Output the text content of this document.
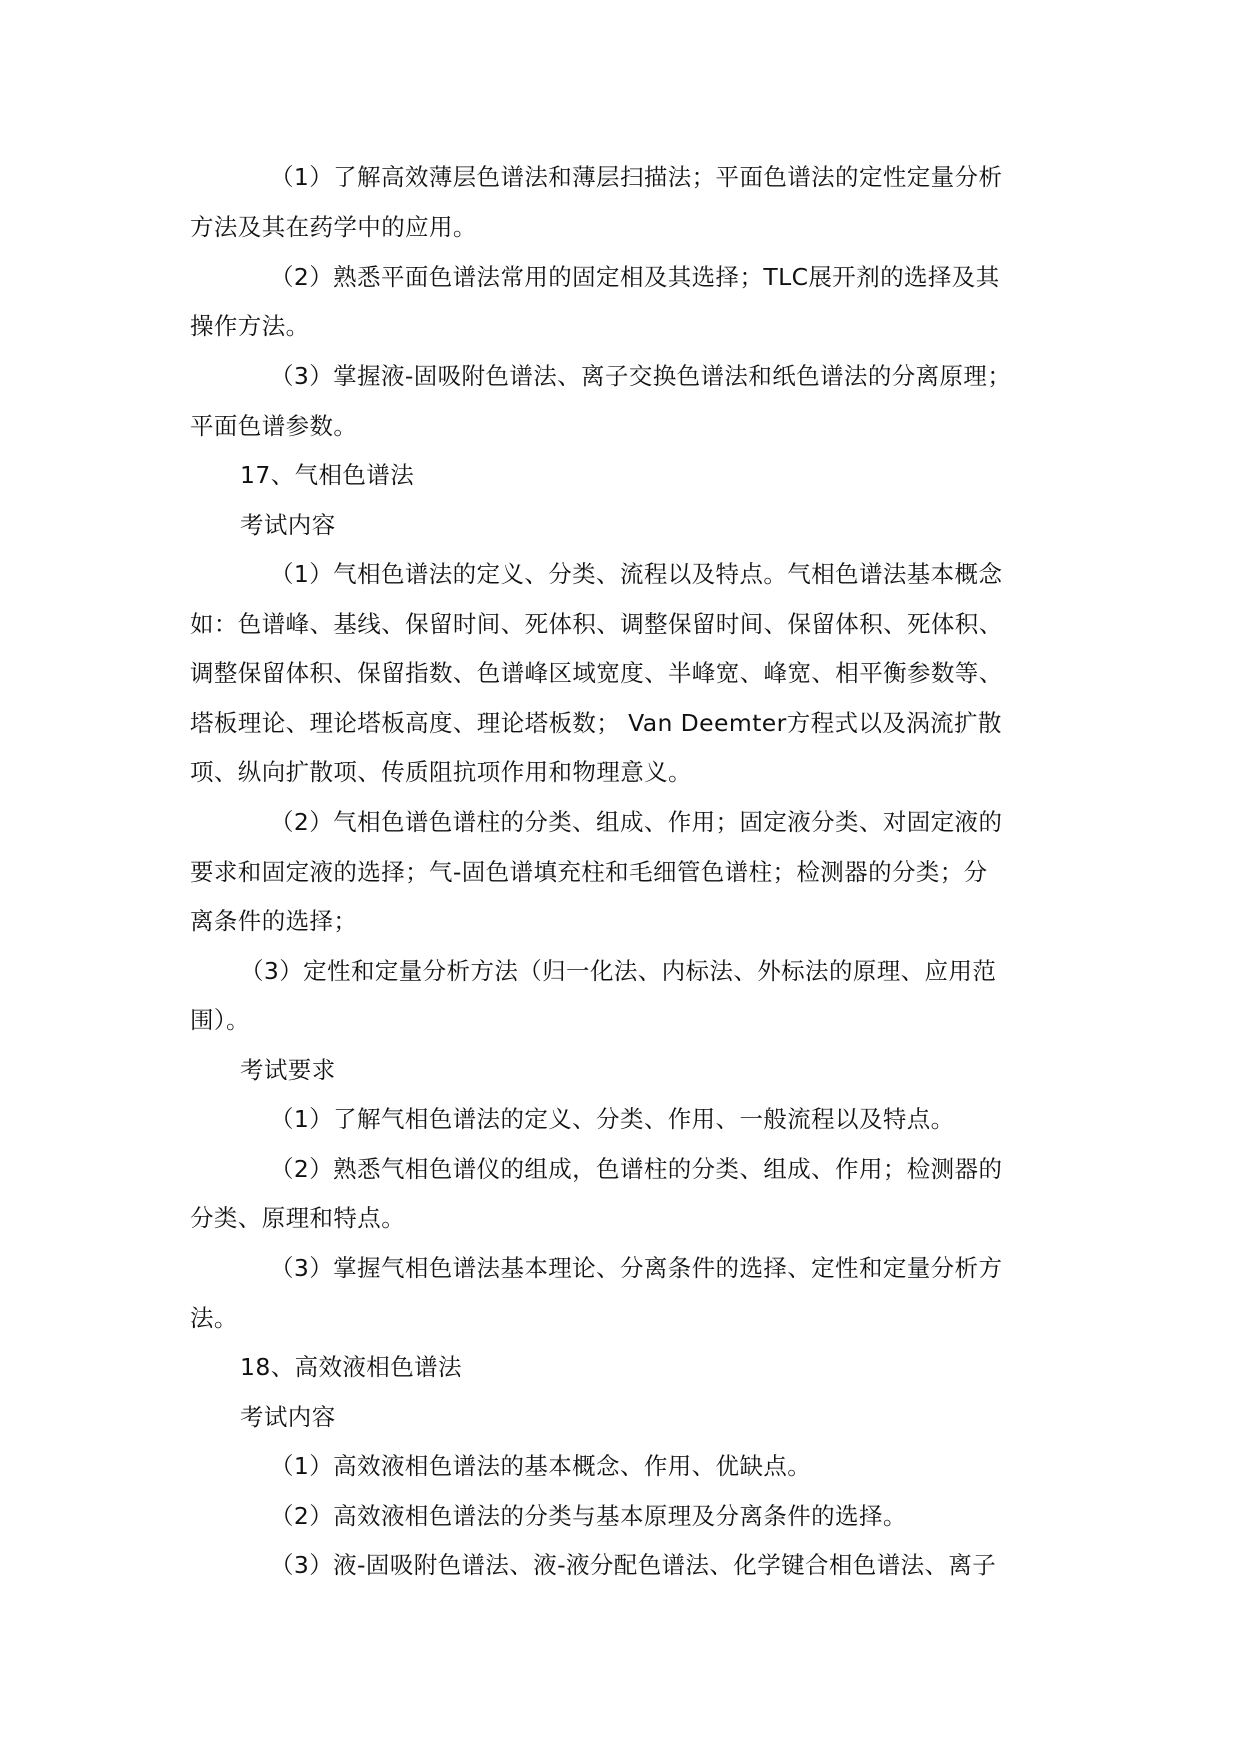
（1）了解高效薄层色谱法和薄层扫描法；平面色谱法的定性定量分析
方法及其在药学中的应用。
（2）熟悉平面色谱法常用的固定相及其选择；TLC展开剂的选择及其
操作方法。
（3）掌握液-固吸附色谱法、离子交换色谱法和纸色谱法的分离原理；
平面色谱参数。
17、气相色谱法
考试内容
（1）气相色谱法的定义、分类、流程以及特点。气相色谱法基本概念
如：色谱峰、基线、保留时间、死体积、调整保留时间、保留体积、死体积、
调整保留体积、保留指数、色谱峰区域宽度、半峰宽、峰宽、相平衡参数等、
塔板理论、理论塔板高度、理论塔板数； Van Deemter方程式以及涡流扩散
项、纵向扩散项、传质阻抗项作用和物理意义。
（2）气相色谱色谱柱的分类、组成、作用；固定液分类、对固定液的
要求和固定液的选择；气-固色谱填充柱和毛细管色谱柱；检测器的分类；分
离条件的选择；
（3）定性和定量分析方法（归一化法、内标法、外标法的原理、应用范
围）。
考试要求
（1）了解气相色谱法的定义、分类、作用、一般流程以及特点。
（2）熟悉气相色谱仪的组成，色谱柱的分类、组成、作用；检测器的
分类、原理和特点。
（3）掌握气相色谱法基本理论、分离条件的选择、定性和定量分析方
法。
18、高效液相色谱法
考试内容
（1）高效液相色谱法的基本概念、作用、优缺点。
（2）高效液相色谱法的分类与基本原理及分离条件的选择。
（3）液-固吸附色谱法、液-液分配色谱法、化学键合相色谱法、离子
